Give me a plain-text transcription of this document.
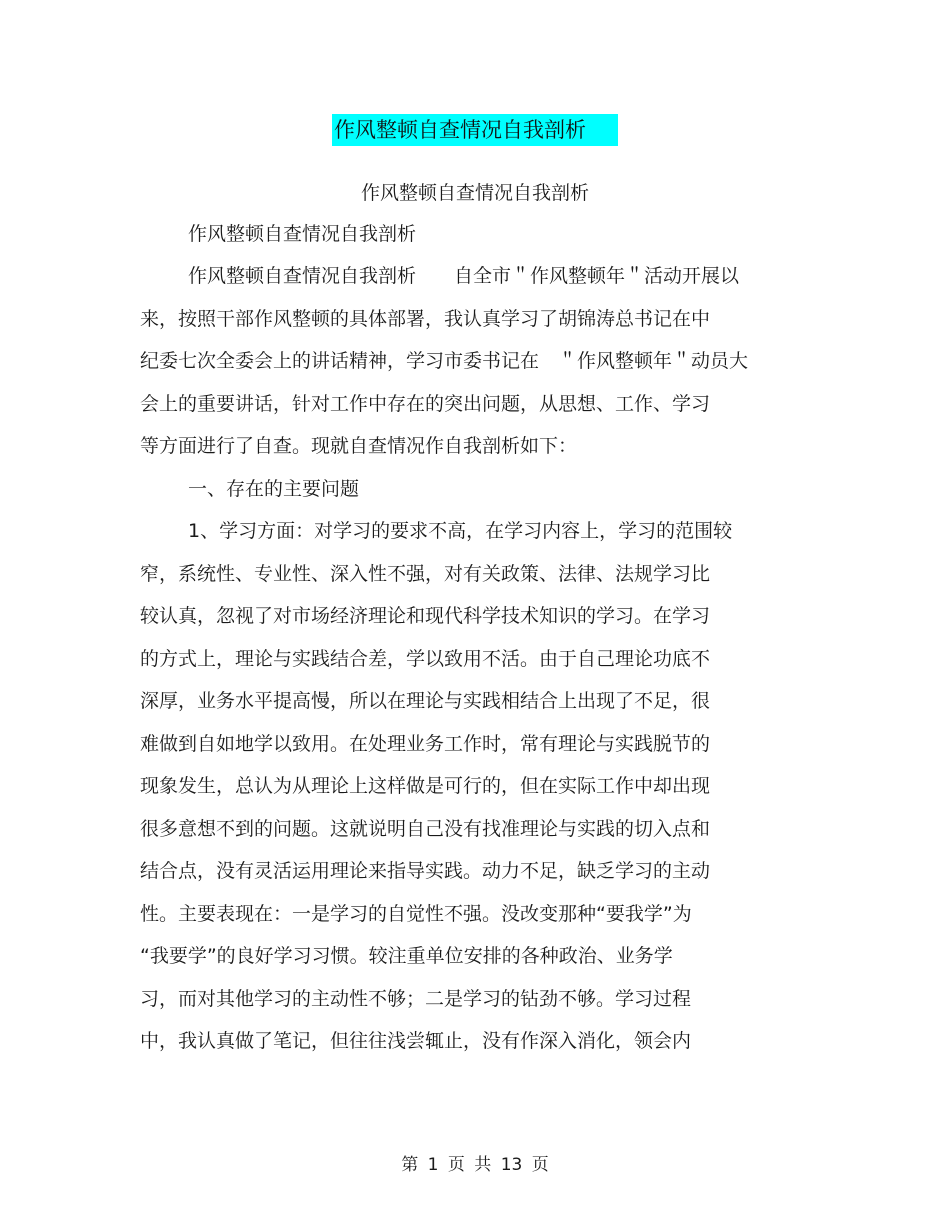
作风整顿自查情况自我剖析
作风整顿自查情况自我剖析
作风整顿自查情况自我剖析
作风整顿自查情况自我剖析　　自全市＂作风整顿年＂活动开展以
来，按照干部作风整顿的具体部署，我认真学习了胡锦涛总书记在中
纪委七次全委会上的讲话精神，学习市委书记在　＂作风整顿年＂动员大
会上的重要讲话，针对工作中存在的突出问题，从思想、工作、学习
等方面进行了自查。现就自查情况作自我剖析如下：
一、存在的主要问题
1、学习方面：对学习的要求不高，在学习内容上，学习的范围较
窄，系统性、专业性、深入性不强，对有关政策、法律、法规学习比
较认真，忽视了对市场经济理论和现代科学技术知识的学习。在学习
的方式上，理论与实践结合差，学以致用不活。由于自己理论功底不
深厚，业务水平提高慢，所以在理论与实践相结合上出现了不足，很
难做到自如地学以致用。在处理业务工作时，常有理论与实践脱节的
现象发生，总认为从理论上这样做是可行的，但在实际工作中却出现
很多意想不到的问题。这就说明自己没有找准理论与实践的切入点和
结合点，没有灵活运用理论来指导实践。动力不足，缺乏学习的主动
性。主要表现在：一是学习的自觉性不强。没改变那种“要我学”为
“我要学”的良好学习习惯。较注重单位安排的各种政治、业务学
习，而对其他学习的主动性不够；二是学习的钻劲不够。学习过程
中，我认真做了笔记，但往往浅尝辄止，没有作深入消化，领会内
第 1 页 共 13 页
